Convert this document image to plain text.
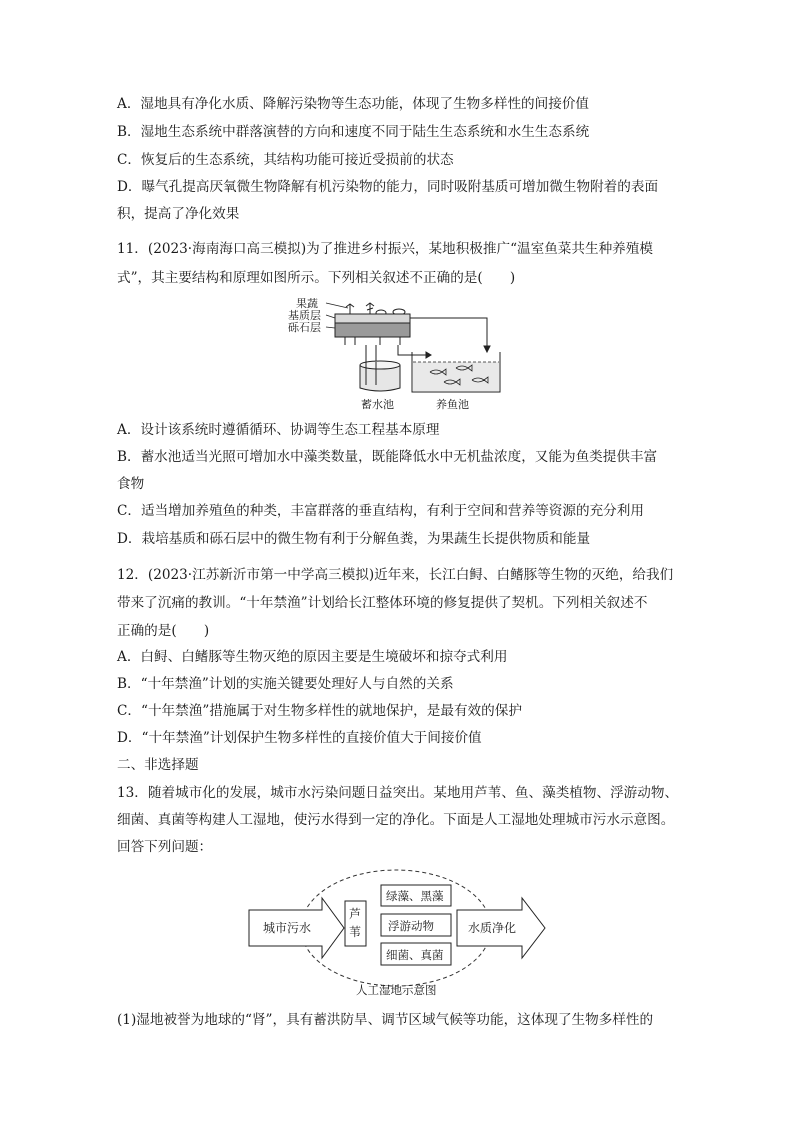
A．湿地具有净化水质、降解污染物等生态功能，体现了生物多样性的间接价值
B．湿地生态系统中群落演替的方向和速度不同于陆生生态系统和水生生态系统
C．恢复后的生态系统，其结构功能可接近受损前的状态
D．曝气孔提高厌氧微生物降解有机污染物的能力，同时吸附基质可增加微生物附着的表面
积，提高了净化效果
11．(2023·海南海口高三模拟)为了推进乡村振兴，某地积极推广“温室鱼菜共生种养殖模
式”，其主要结构和原理如图所示。下列相关叙述不正确的是(　　)
果蔬
基质层
砾石层
蓄水池	养鱼池
A．设计该系统时遵循循环、协调等生态工程基本原理
B．蓄水池适当光照可增加水中藻类数量，既能降低水中无机盐浓度，又能为鱼类提供丰富
食物
C．适当增加养殖鱼的种类，丰富群落的垂直结构，有利于空间和营养等资源的充分利用
D．栽培基质和砾石层中的微生物有利于分解鱼粪，为果蔬生长提供物质和能量
12．(2023·江苏新沂市第一中学高三模拟)近年来，长江白鲟、白鳍豚等生物的灭绝，给我们
带来了沉痛的教训。“十年禁渔”计划给长江整体环境的修复提供了契机。下列相关叙述不
正确的是(　　)
A．白鲟、白鳍豚等生物灭绝的原因主要是生境破坏和掠夺式利用
B．“十年禁渔”计划的实施关键要处理好人与自然的关系
C．“十年禁渔”措施属于对生物多样性的就地保护，是最有效的保护
D．“十年禁渔”计划保护生物多样性的直接价值大于间接价值
二、非选择题
13．随着城市化的发展，城市水污染问题日益突出。某地用芦苇、鱼、藻类植物、浮游动物、
细菌、真菌等构建人工湿地，使污水得到一定的净化。下面是人工湿地处理城市污水示意图。
回答下列问题：
城市污水
芦
苇
绿藻、黑藻
浮游动物
细菌、真菌
水质净化
人工湿地示意图
(1)湿地被誉为地球的“肾”，具有蓄洪防旱、调节区域气候等功能，这体现了生物多样性的
